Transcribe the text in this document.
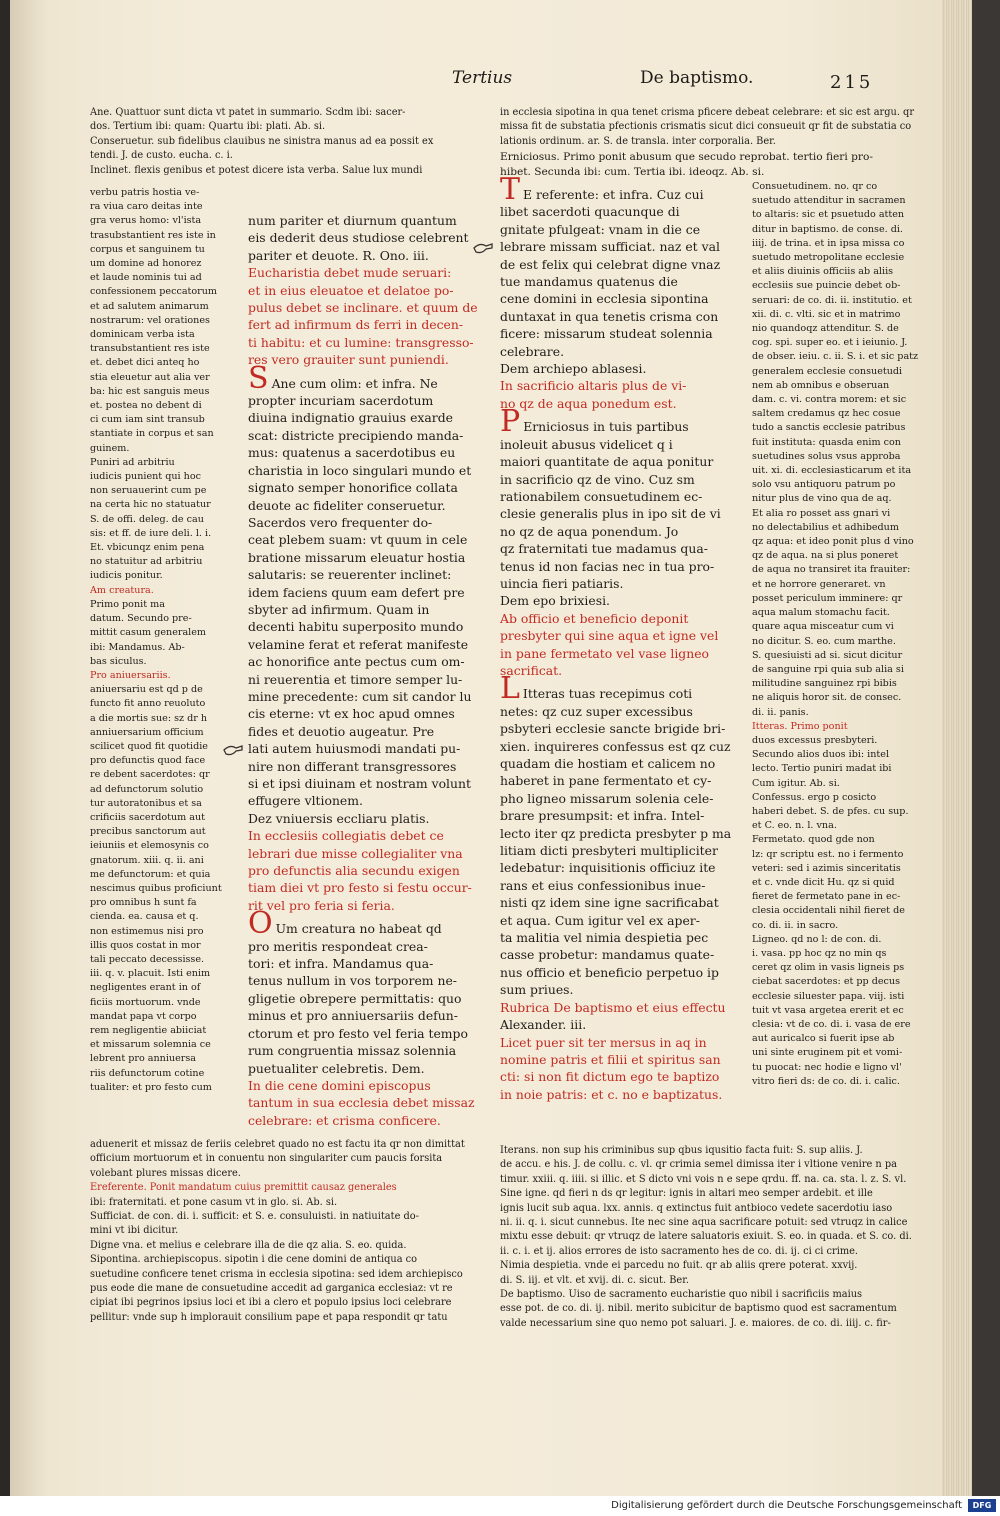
Tertius	De baptismo.	215
Ane. Quattuor sunt dicta vt patet in summario. Scdm ibi: sacer-
dos. Tertium ibi: quam: Quartu ibi: plati. Ab. si.
Conseruetur. sub fidelibus clauibus ne sinistra manus ad ea possit ex
tendi. J. de custo. eucha. c. i.
Inclinet. flexis genibus et potest dicere ista verba. Salue lux mundi
verbu patris hostia ve-
ra viua caro deitas inte
gra verus homo: vl'ista
trasubstantient res iste in
corpus et sanguinem tu
um domine ad honorez
et laude nominis tui ad
confessionem peccatorum
et ad salutem animarum
nostrarum: vel orationes
dominicam verba ista
transubstantient res iste
et. debet dici anteq ho
stia eleuetur aut alia ver
ba: hic est sanguis meus
et. postea no debent di
ci cum iam sint transub
stantiate in corpus et san
guinem.
Puniri ad arbitriu
iudicis punient qui hoc
non seruauerint cum pe
na certa hic no statuatur
S. de offi. deleg. de cau
sis: et ff. de iure deli. l. i.
Et. vbicunqz enim pena
no statuitur ad arbitriu
iudicis ponitur.
Am creatura.
Primo ponit ma
datum. Secundo pre-
mittit casum generalem
ibi: Mandamus. Ab-
bas siculus.
Pro aniuersariis.
aniuersariu est qd p de
functo fit anno reuoluto
a die mortis sue: sz dr h
anniuersarium officium
scilicet quod fit quotidie
pro defunctis quod face
re debent sacerdotes: qr
ad defunctorum solutio
tur autoratonibus et sa
crificiis sacerdotum aut
precibus sanctorum aut
ieiuniis et elemosynis co
gnatorum. xiii. q. ii. ani
me defunctorum: et quia
nescimus quibus proficiunt
pro omnibus h sunt fa
cienda. ea. causa et q.
non estimemus nisi pro
illis quos costat in mor
tali peccato decessisse.
iii. q. v. placuit. Isti enim
negligentes erant in of
ficiis mortuorum. vnde
mandat papa vt corpo
rem negligentie abiiciat
et missarum solemnia ce
lebrent pro anniuersa
riis defunctorum cotine
tualiter: et pro festo cum
num pariter et diurnum quantum
eis dederit deus studiose celebrent
pariter et deuote. R. Ono. iii.
Eucharistia debet mude seruari:
et in eius eleuatoe et delatoe po-
pulus debet se inclinare. et quum de
fert ad infirmum ds ferri in decen-
ti habitu: et cu lumine: transgresso-
res vero grauiter sunt puniendi.
S Ane cum olim: et infra. Ne
propter incuriam sacerdotum
diuina indignatio grauius exarde
scat: districte precipiendo manda-
mus: quatenus a sacerdotibus eu
charistia in loco singulari mundo et
signato semper honorifice collata
deuote ac fideliter conseruetur.
Sacerdos vero frequenter do-
ceat plebem suam: vt quum in cele
bratione missarum eleuatur hostia
salutaris: se reuerenter inclinet:
idem faciens quum eam defert pre
sbyter ad infirmum. Quam in
decenti habitu superposito mundo
velamine ferat et referat manifeste
ac honorifice ante pectus cum om-
ni reuerentia et timore semper lu-
mine precedente: cum sit candor lu
cis eterne: vt ex hoc apud omnes
fides et deuotio augeatur. Pre
lati autem huiusmodi mandati pu-
nire non differant transgressores
si et ipsi diuinam et nostram volunt
effugere vltionem.
Dez vniuersis eccliaru platis.
In ecclesiis collegiatis debet ce
lebrari due misse collegialiter vna
pro defunctis alia secundu exigen
tiam diei vt pro festo si festu occur-
rit vel pro feria si feria.
O Um creatura no habeat qd
pro meritis respondeat crea-
tori: et infra. Mandamus qua-
tenus nullum in vos torporem ne-
gligetie obrepere permittatis: quo
minus et pro anniuersariis defun-
ctorum et pro festo vel feria tempo
rum congruentia missaz solennia
puetualiter celebretis. Dem.
In die cene domini episcopus
tantum in sua ecclesia debet missaz
celebrare: et crisma conficere.
in ecclesia sipotina in qua tenet crisma pficere debeat celebrare: et sic est argu. qr
missa fit de substatia pfectionis crismatis sicut dici consueuit qr fit de substatia co
lationis ordinum. ar. S. de transla. inter corporalia. Ber.
Erniciosus. Primo ponit abusum que secudo reprobat. tertio fieri pro-
hibet. Secunda ibi: cum. Tertia ibi. ideoqz. Ab. si.
T E referente: et infra. Cuz cui
libet sacerdoti quacunque di
gnitate pfulgeat: vnam in die ce
lebrare missam sufficiat. naz et val
de est felix qui celebrat digne vnaz
tue mandamus quatenus die
cene domini in ecclesia sipontina
duntaxat in qua tenetis crisma con
ficere: missarum studeat solennia
celebrare.
Dem archiepo ablasesi.
In sacrificio altaris plus de vi-
no qz de aqua ponedum est.
P Erniciosus in tuis partibus
inoleuit abusus videlicet q i
maiori quantitate de aqua ponitur
in sacrificio qz de vino. Cuz sm
rationabilem consuetudinem ec-
clesie generalis plus in ipo sit de vi
no qz de aqua ponendum. Jo
qz fraternitati tue madamus qua-
tenus id non facias nec in tua pro-
uincia fieri patiaris.
Dem epo brixiesi.
Ab officio et beneficio deponit
presbyter qui sine aqua et igne vel
in pane fermetato vel vase ligneo
sacrificat.
L Itteras tuas recepimus coti
netes: qz cuz super excessibus
psbyteri ecclesie sancte brigide bri-
xien. inquireres confessus est qz cuz
quadam die hostiam et calicem no
haberet in pane fermentato et cy-
pho ligneo missarum solenia cele-
brare presumpsit: et infra. Intel-
lecto iter qz predicta presbyter p ma
litiam dicti presbyteri multipliciter
ledebatur: inquisitionis officiuz ite
rans et eius confessionibus inue-
nisti qz idem sine igne sacrificabat
et aqua. Cum igitur vel ex aper-
ta malitia vel nimia despietia pec
casse probetur: mandamus quate-
nus officio et beneficio perpetuo ip
sum priues.
Rubrica De baptismo et eius effectu
Alexander. iii.
Licet puer sit ter mersus in aq in
nomine patris et filii et spiritus san
cti: si non fit dictum ego te baptizo
in noie patris: et c. no e baptizatus.
Consuetudinem. no. qr co
suetudo attenditur in sacramen
to altaris: sic et psuetudo atten
ditur in baptismo. de conse. di.
iiij. de trina. et in ipsa missa co
suetudo metropolitane ecclesie
et aliis diuinis officiis ab aliis
ecclesiis sue puincie debet ob-
seruari: de co. di. ii. institutio. et
xii. di. c. vlti. sic et in matrimo
nio quandoqz attenditur. S. de
cog. spi. super eo. et i ieiunio. J.
de obser. ieiu. c. ii. S. i. et sic patz
generalem ecclesie consuetudi
nem ab omnibus e obseruan
dam. c. vi. contra morem: et sic
saltem credamus qz hec cosue
tudo a sanctis ecclesie patribus
fuit instituta: quasda enim con
suetudines solus vsus approba
uit. xi. di. ecclesiasticarum et ita
solo vsu antiquoru patrum po
nitur plus de vino qua de aq.
Et alia ro posset ass gnari vi
no delectabilius et adhibedum
qz aqua: et ideo ponit plus d vino
qz de aqua. na si plus poneret
de aqua no transiret ita frauiter:
et ne horrore generaret. vn
posset periculum imminere: qr
aqua malum stomachu facit.
quare aqua misceatur cum vi
no dicitur. S. eo. cum marthe.
S. quesiuisti ad si. sicut dicitur
de sanguine rpi quia sub alia si
militudine sanguinez rpi bibis
ne aliquis horor sit. de consec.
di. ii. panis.
Itteras. Primo ponit
duos excessus presbyteri.
Secundo alios duos ibi: intel
lecto. Tertio puniri madat ibi
Cum igitur. Ab. si.
Confessus. ergo p cosicto
haberi debet. S. de pfes. cu sup.
et C. eo. n. l. vna.
Fermetato. quod gde non
lz: qr scriptu est. no i fermento
veteri: sed i azimis sinceritatis
et c. vnde dicit Hu. qz si quid
fieret de fermetato pane in ec-
clesia occidentali nihil fieret de
co. di. ii. in sacro.
Ligneo. qd no l: de con. di.
i. vasa. pp hoc qz no min qs
ceret qz olim in vasis ligneis ps
ciebat sacerdotes: et pp decus
ecclesie siluester papa. viij. isti
tuit vt vasa argetea ererit et ec
clesia: vt de co. di. i. vasa de ere
aut auricalco si fuerit ipse ab
uni sinte eruginem pit et vomi-
tu puocat: nec hodie e ligno vl'
vitro fieri ds: de co. di. i. calic.
aduenerit et missaz de feriis celebret quado no est factu ita qr non dimittat
officium mortuorum et in conuentu non singulariter cum paucis forsita
volebant plures missas dicere.
Ereferente. Ponit mandatum cuius premittit causaz generales
ibi: fraternitati. et pone casum vt in glo. si. Ab. si.
Sufficiat. de con. di. i. sufficit: et S. e. consuluisti. in natiuitate do-
mini vt ibi dicitur.
Digne vna. et melius e celebrare illa de die qz alia. S. eo. quida.
Sipontina. archiepiscopus. sipotin i die cene domini de antiqua co
suetudine conficere tenet crisma in ecclesia sipotina: sed idem archiepisco
pus eode die mane de consuetudine accedit ad garganica ecclesiaz: vt re
cipiat ibi pegrinos ipsius loci et ibi a clero et populo ipsius loci celebrare
pellitur: vnde sup h implorauit consilium pape et papa respondit qr tatu
Iterans. non sup his criminibus sup qbus iqusitio facta fuit: S. sup aliis. J.
de accu. e his. J. de collu. c. vl. qr crimia semel dimissa iter i vltione venire n pa
timur. xxiii. q. iiii. si illic. et S dicto vni vois n e sepe qrdu. ff. na. ca. sta. l. z. S. vl.
Sine igne. qd fieri n ds qr legitur: ignis in altari meo semper ardebit. et ille
ignis lucit sub aqua. lxx. annis. q extinctus fuit antbioco vedete sacerdotiu iaso
ni. ii. q. i. sicut cunnebus. Ite nec sine aqua sacrificare potuit: sed vtruqz in calice
mixtu esse debuit: qr vtruqz de latere saluatoris exiuit. S. eo. in quada. et S. co. di.
ii. c. i. et ij. alios errores de isto sacramento hes de co. di. ij. ci ci crime.
Nimia despietia. vnde ei parcedu no fuit. qr ab aliis qrere poterat. xxvij.
di. S. iij. et vlt. et xvij. di. c. sicut. Ber.
De baptismo. Uiso de sacramento eucharistie quo nibil i sacrificiis maius
esse pot. de co. di. ij. nibil. merito subicitur de baptismo quod est sacramentum
valde necessarium sine quo nemo pot saluari. J. e. maiores. de co. di. iiij. c. fir-
Digitalisierung gefördert durch die Deutsche Forschungsgemeinschaft	DFG
